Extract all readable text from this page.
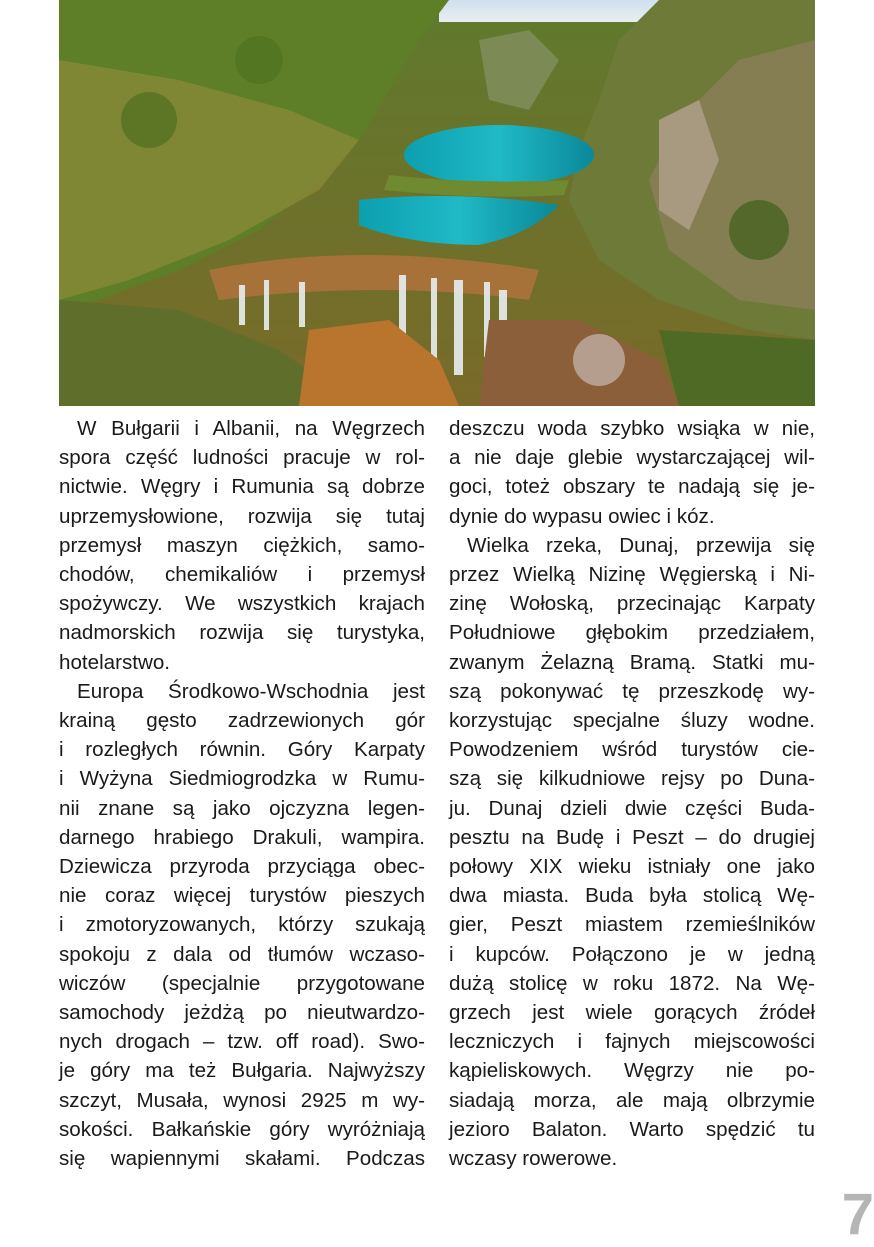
W Bułgarii i Albanii, na Węgrzech
spora część ludności pracuje w rol-
nictwie. Węgry i Rumunia są dobrze
uprzemysłowione, rozwija się tutaj
przemysł maszyn ciężkich, samo-
chodów, chemikaliów i przemysł
spożywczy. We wszystkich krajach
nadmorskich rozwija się turystyka,
hotelarstwo.

Europa Środkowo-Wschodnia jest
krainą gęsto zadrzewionych gór
i rozległych równin. Góry Karpaty
i Wyżyna Siedmiogrodzka w Rumu-
nii znane są jako ojczyzna legen-
darnego hrabiego Drakuli, wampira.
Dziewicza przyroda przyciąga obec-
nie coraz więcej turystów pieszych
i zmotoryzowanych, którzy szukają
spokoju z dala od tłumów wczaso-
wiczów (specjalnie przygotowane
samochody jeżdżą po nieutwardzo-
nych drogach – tzw. off road). Swo-
je góry ma też Bułgaria. Najwyższy
szczyt, Musała, wynosi 2925 m wy-
sokości. Bałkańskie góry wyróżniają
się wapiennymi skałami. Podczas

deszczu woda szybko wsiąka w nie,
a nie daje glebie wystarczającej wil-
goci, toteż obszary te nadają się je-
dynie do wypasu owiec i kóz.

Wielka rzeka, Dunaj, przewija się
przez Wielką Nizinę Węgierską i Ni-
zinę Wołoską, przecinając Karpaty
Południowe głębokim przedziałem,
zwanym Żelazną Bramą. Statki mu-
szą pokonywać tę przeszkodę wy-
korzystując specjalne śluzy wodne.
Powodzeniem wśród turystów cie-
szą się kilkudniowe rejsy po Duna-
ju. Dunaj dzieli dwie części Buda-
pesztu na Budę i Peszt – do drugiej
połowy XIX wieku istniały one jako
dwa miasta. Buda była stolicą Wę-
gier, Peszt miastem rzemieślników
i kupców. Połączono je w jedną
dużą stolicę w roku 1872. Na Wę-
grzech jest wiele gorących źródeł
leczniczych i fajnych miejscowości
kąpieliskowych. Węgrzy nie po-
siadają morza, ale mają olbrzymie
jezioro Balaton. Warto spędzić tu
wczasy rowerowe.

7
